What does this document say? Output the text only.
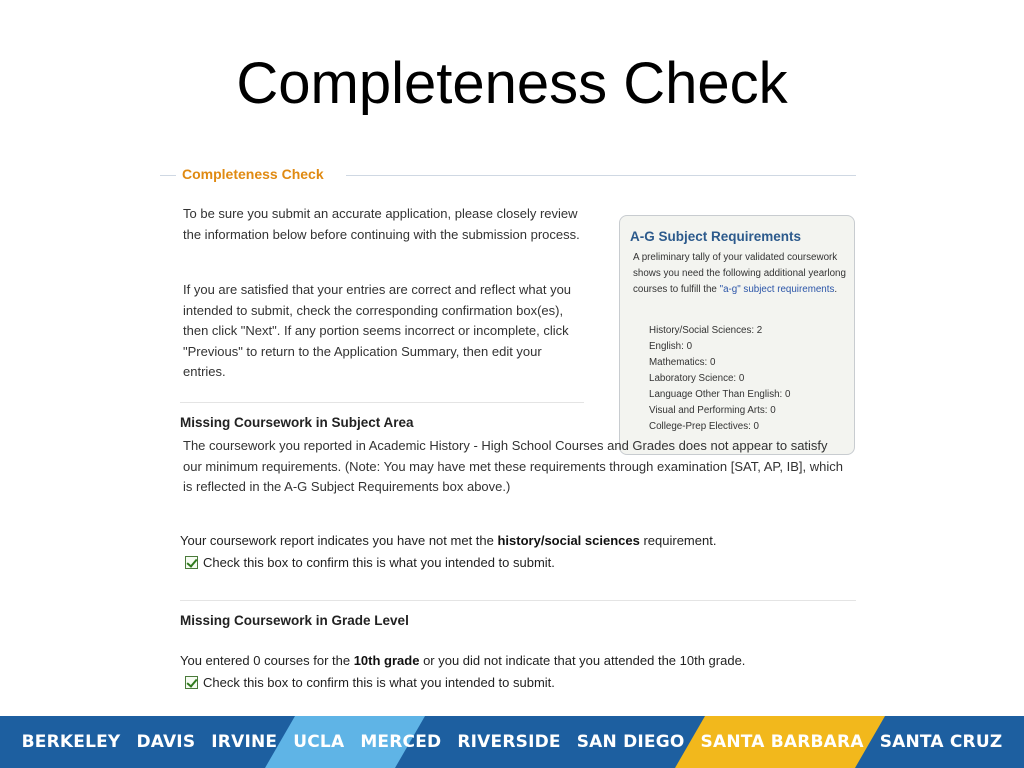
Completeness Check
Completeness Check
To be sure you submit an accurate application, please closely review the information below before continuing with the submission process.
If you are satisfied that your entries are correct and reflect what you intended to submit, check the corresponding confirmation box(es), then click "Next". If any portion seems incorrect or incomplete, click "Previous" to return to the Application Summary, then edit your entries.
A-G Subject Requirements
A preliminary tally of your validated coursework shows you need the following additional yearlong courses to fulfill the "a-g" subject requirements.
History/Social Sciences: 2
English: 0
Mathematics: 0
Laboratory Science: 0
Language Other Than English: 0
Visual and Performing Arts: 0
College-Prep Electives: 0
Missing Coursework in Subject Area
The coursework you reported in Academic History - High School Courses and Grades does not appear to satisfy our minimum requirements. (Note: You may have met these requirements through examination [SAT, AP, IB], which is reflected in the A-G Subject Requirements box above.)
Your coursework report indicates you have not met the history/social sciences requirement.
Check this box to confirm this is what you intended to submit.
Missing Coursework in Grade Level
You entered 0 courses for the 10th grade or you did not indicate that you attended the 10th grade.
Check this box to confirm this is what you intended to submit.
BERKELEY DAVIS IRVINE UCLA MERCED RIVERSIDE SAN DIEGO SANTA BARBARA SANTA CRUZ
